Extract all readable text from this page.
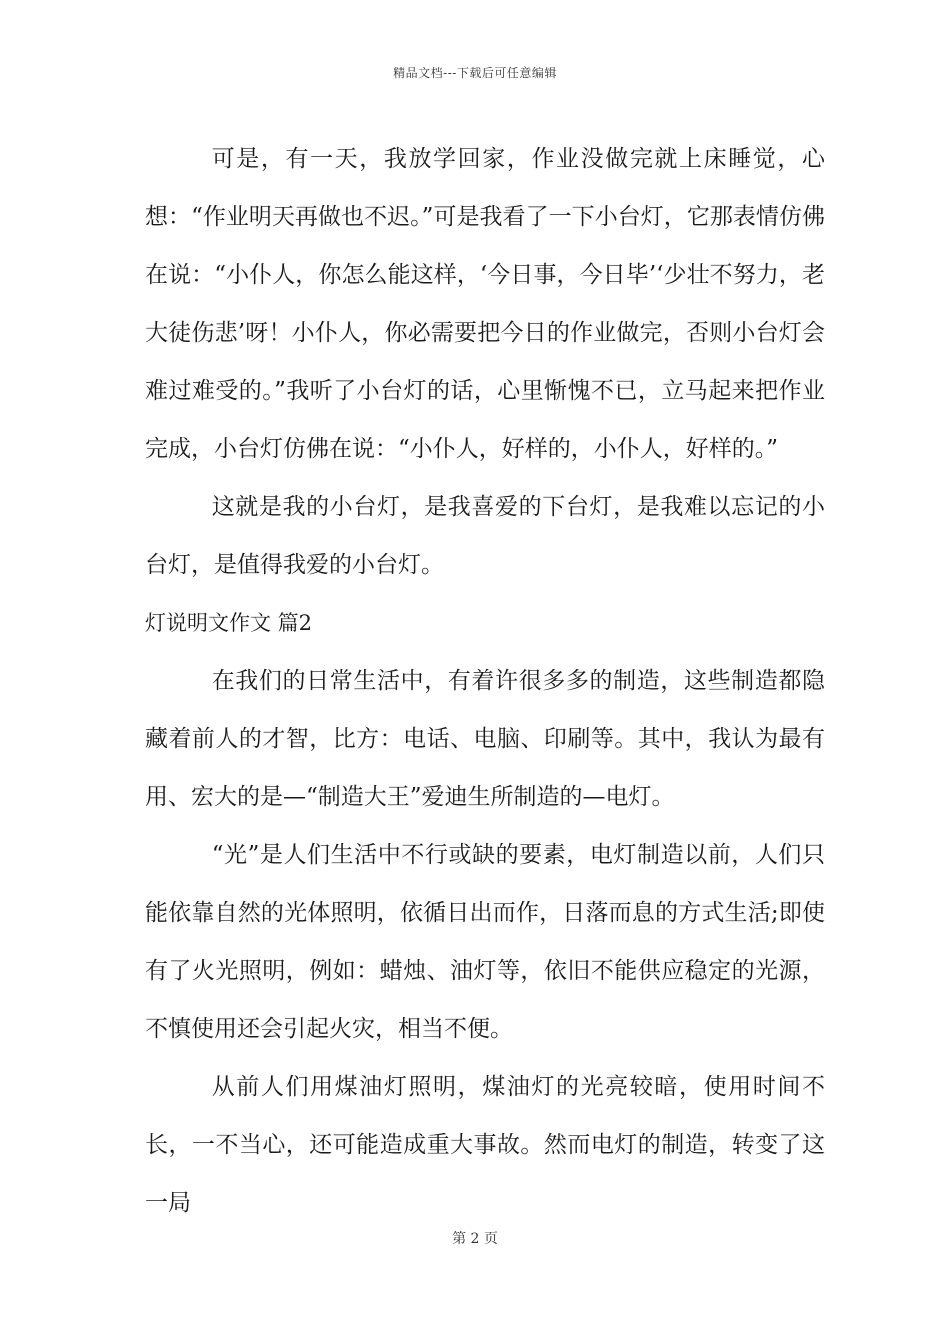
精品文档---下载后可任意编辑

可是，有一天，我放学回家，作业没做完就上床睡觉，心想：“作业明天再做也不迟。”可是我看了一下小台灯，它那表情仿佛在说：“小仆人，你怎么能这样，‘今日事，今日毕’‘少壮不努力，老大徒伤悲’呀！小仆人，你必需要把今日的作业做完，否则小台灯会难过难受的。”我听了小台灯的话，心里惭愧不已，立马起来把作业完成，小台灯仿佛在说：“小仆人，好样的，小仆人，好样的。”

这就是我的小台灯，是我喜爱的下台灯，是我难以忘记的小台灯，是值得我爱的小台灯。

灯说明文作文 篇2

在我们的日常生活中，有着许很多多的制造，这些制造都隐藏着前人的才智，比方：电话、电脑、印刷等。其中，我认为最有用、宏大的是—“制造大王”爱迪生所制造的—电灯。

“光”是人们生活中不行或缺的要素，电灯制造以前，人们只能依靠自然的光体照明，依循日出而作，日落而息的方式生活;即使有了火光照明，例如：蜡烛、油灯等，依旧不能供应稳定的光源，不慎使用还会引起火灾，相当不便。

从前人们用煤油灯照明，煤油灯的光亮较暗，使用时间不长，一不当心，还可能造成重大事故。然而电灯的制造，转变了这一局

第 2 页
